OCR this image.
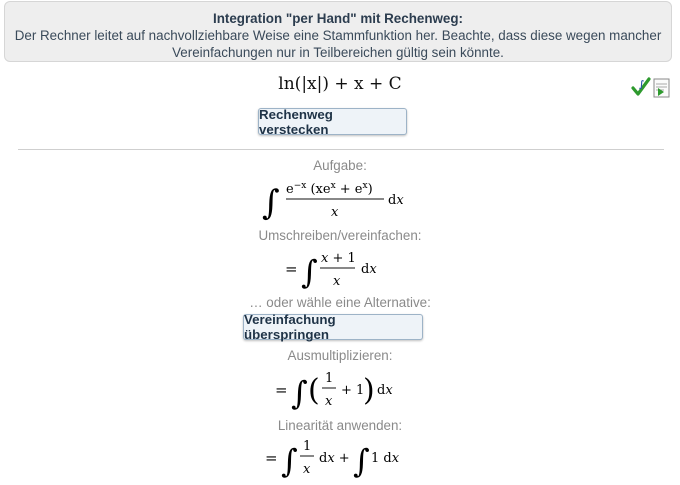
Integration "per Hand" mit Rechenweg:
Der Rechner leitet auf nachvollziehbare Weise eine Stammfunktion her. Beachte, dass diese wegen mancher
Vereinfachungen nur in Teilbereichen gültig sein könnte.
ln(|x|) + x + C	∫
Rechenweg verstecken
Aufgabe:
∫ $e^{-x}$ $(xe^x + e^x)$
x
dx
Umschreiben/vereinfachen:
= ∫ x + 1
x
dx
… oder wähle eine Alternative:
Vereinfachung überspringen
Ausmultiplizieren:
= ∫ ( 1
x
+ 1
) dx
Linearität anwenden:
= ∫ 1
x
dx + ∫ 1 dx
